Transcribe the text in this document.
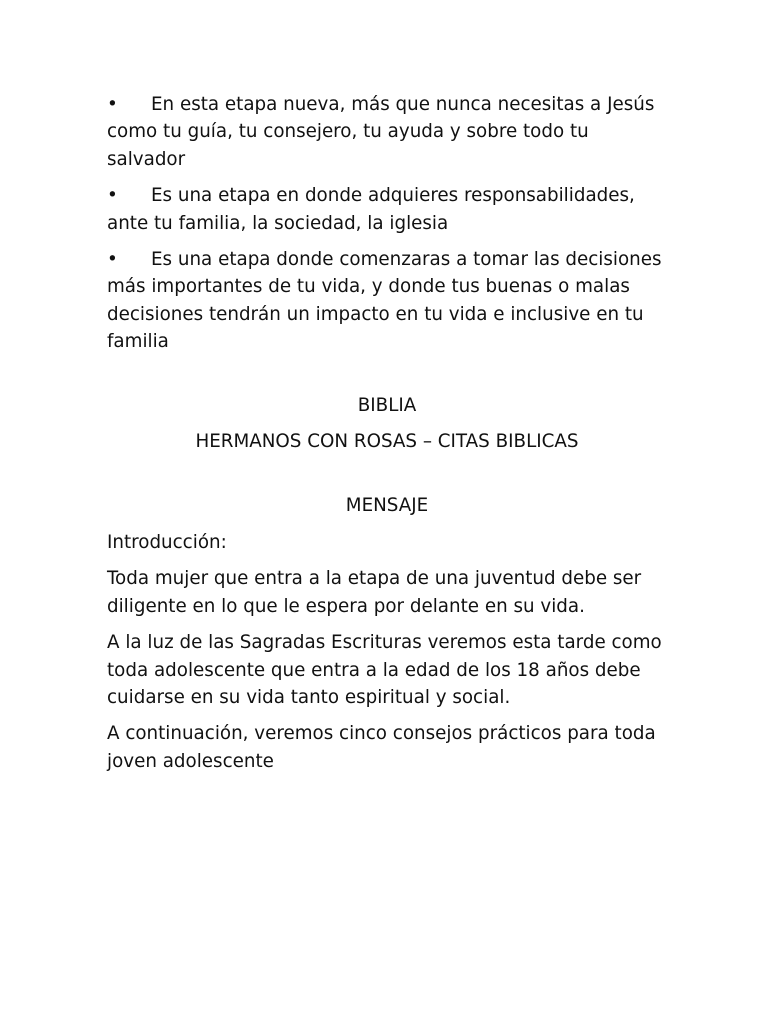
• En esta etapa nueva, más que nunca necesitas a Jesús como tu guía, tu consejero, tu ayuda y sobre todo tu salvador

• Es una etapa en donde adquieres responsabilidades, ante tu familia, la sociedad, la iglesia

• Es una etapa donde comenzaras a tomar las decisiones más importantes de tu vida, y donde tus buenas o malas decisiones tendrán un impacto en tu vida e inclusive en tu familia

BIBLIA

HERMANOS CON ROSAS – CITAS BIBLICAS

MENSAJE

Introducción:

Toda mujer que entra a la etapa de una juventud debe ser diligente en lo que le espera por delante en su vida.

A la luz de las Sagradas Escrituras veremos esta tarde como toda adolescente que entra a la edad de los 18 años debe cuidarse en su vida tanto espiritual y social.

A continuación, veremos cinco consejos prácticos para toda joven adolescente
